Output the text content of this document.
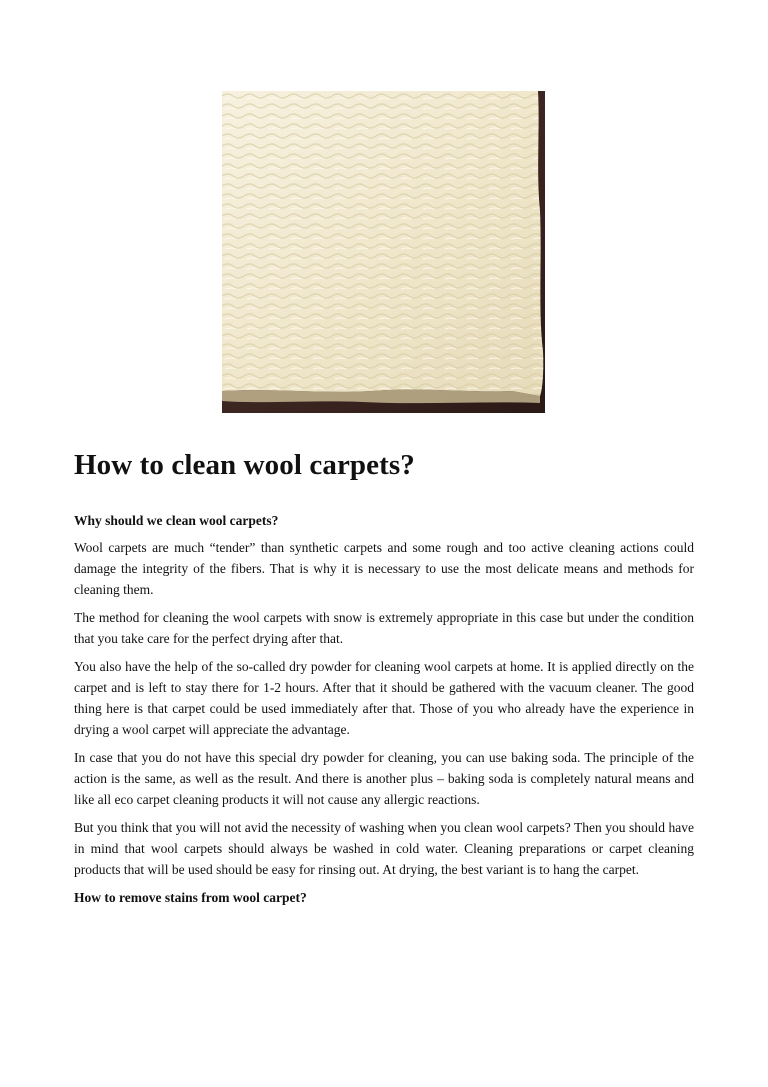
How to clean wool carpets?
Why should we clean wool carpets?

Wool carpets are much “tender” than synthetic carpets and some rough and too active cleaning actions could damage the integrity of the fibers. That is why it is necessary to use the most delicate means and methods for cleaning them.

The method for cleaning the wool carpets with snow is extremely appropriate in this case but under the condition that you take care for the perfect drying after that.

You also have the help of the so-called dry powder for cleaning wool carpets at home. It is applied directly on the carpet and is left to stay there for 1-2 hours. After that it should be gathered with the vacuum cleaner. The good thing here is that carpet could be used immediately after that. Those of you who already have the experience in drying a wool carpet will appreciate the advantage.

In case that you do not have this special dry powder for cleaning, you can use baking soda. The principle of the action is the same, as well as the result. And there is another plus – baking soda is completely natural means and like all eco carpet cleaning products it will not cause any allergic reactions.

But you think that you will not avid the necessity of washing when you clean wool carpets? Then you should have in mind that wool carpets should always be washed in cold water. Cleaning preparations or carpet cleaning products that will be used should be easy for rinsing out. At drying, the best variant is to hang the carpet.

How to remove stains from wool carpet?
